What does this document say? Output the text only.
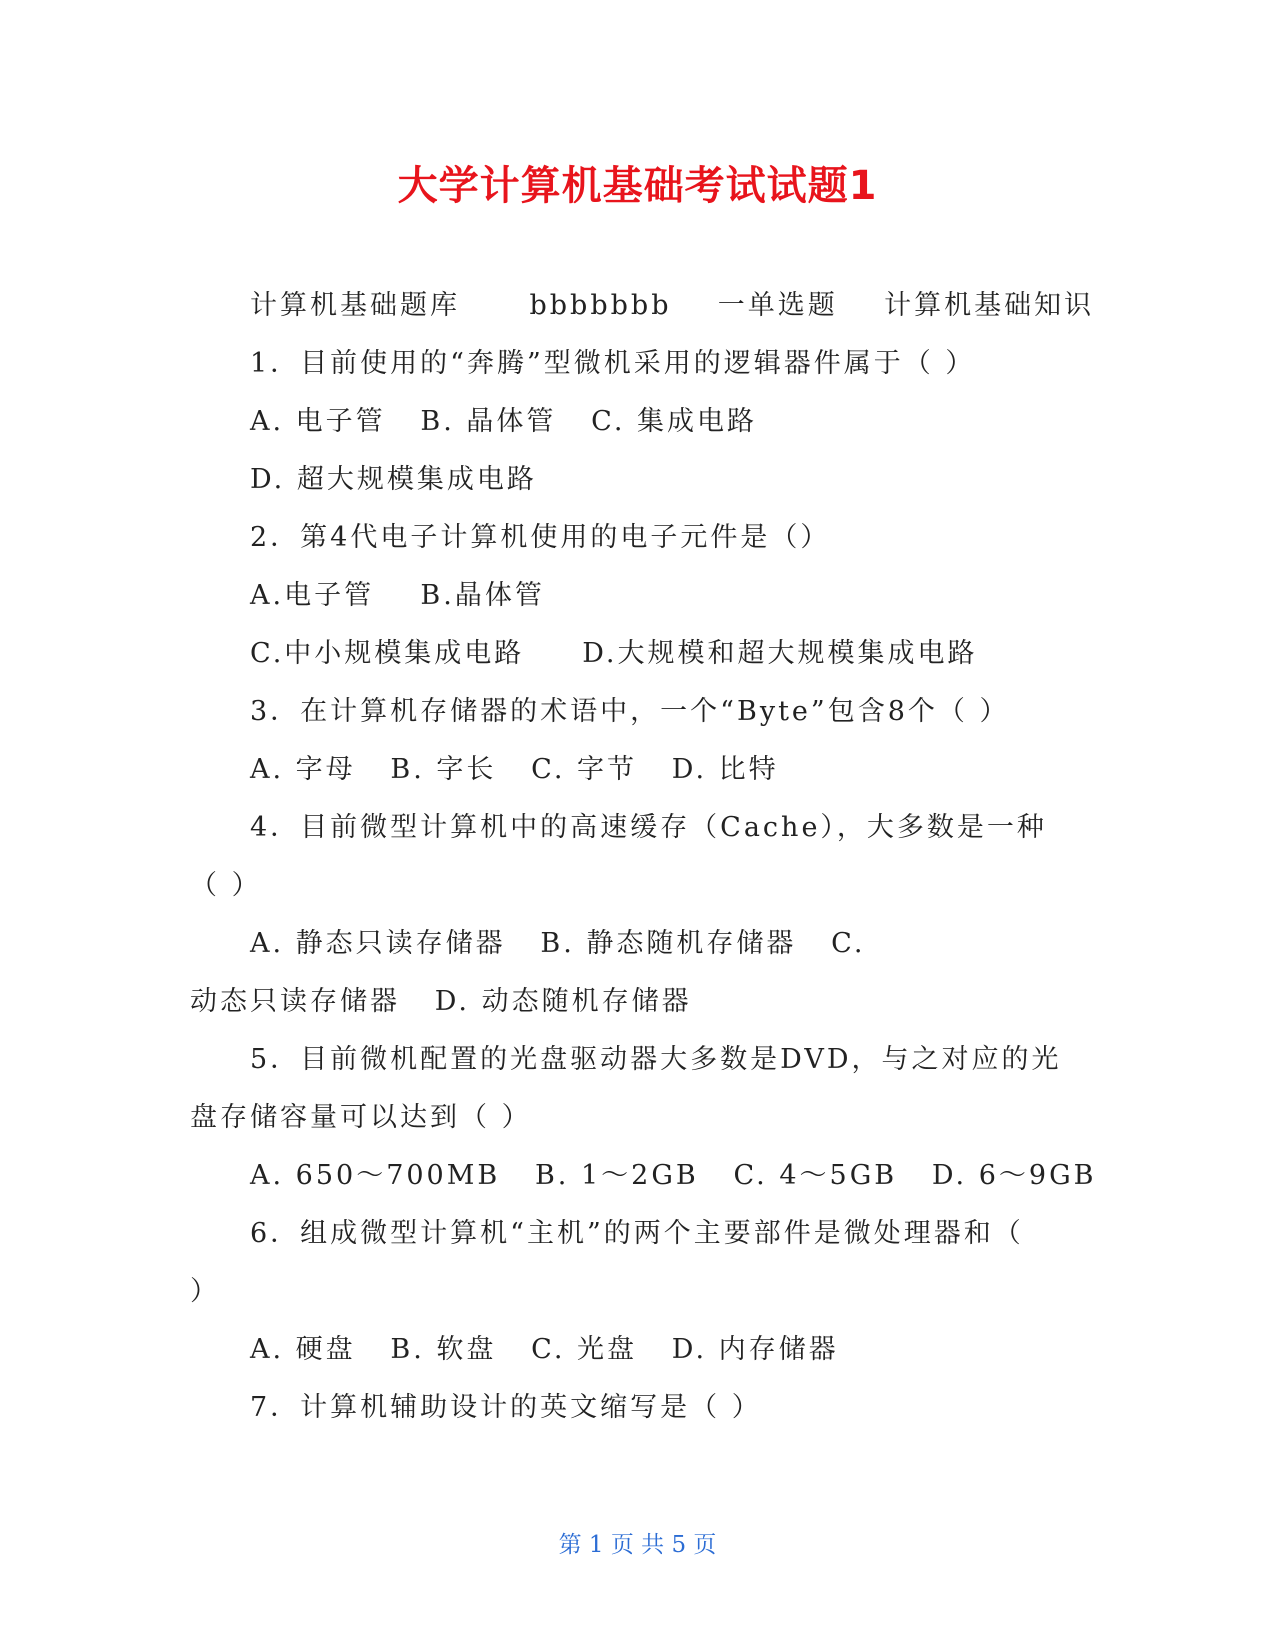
大学计算机基础考试试题1
计算机基础题库      bbbbbbb    一单选题    计算机基础知识
1．目前使用的“奔腾”型微机采用的逻辑器件属于（ ）
A. 电子管   B. 晶体管   C. 集成电路
D. 超大规模集成电路
2．第4代电子计算机使用的电子元件是（）
A.电子管    B.晶体管
C.中小规模集成电路     D.大规模和超大规模集成电路
3．在计算机存储器的术语中，一个“Byte”包含8个（ ）
A. 字母   B. 字长   C. 字节   D. 比特
4．目前微型计算机中的高速缓存（Cache），大多数是一种
（ ）
A. 静态只读存储器   B. 静态随机存储器   C.
动态只读存储器   D. 动态随机存储器
5．目前微机配置的光盘驱动器大多数是DVD，与之对应的光
盘存储容量可以达到（ ）
A. 650～700MB   B. 1～2GB   C. 4～5GB   D. 6～9GB
6．组成微型计算机“主机”的两个主要部件是微处理器和（
）
A. 硬盘   B. 软盘   C. 光盘   D. 内存储器
7．计算机辅助设计的英文缩写是（ ）
第 1 页 共 5 页
